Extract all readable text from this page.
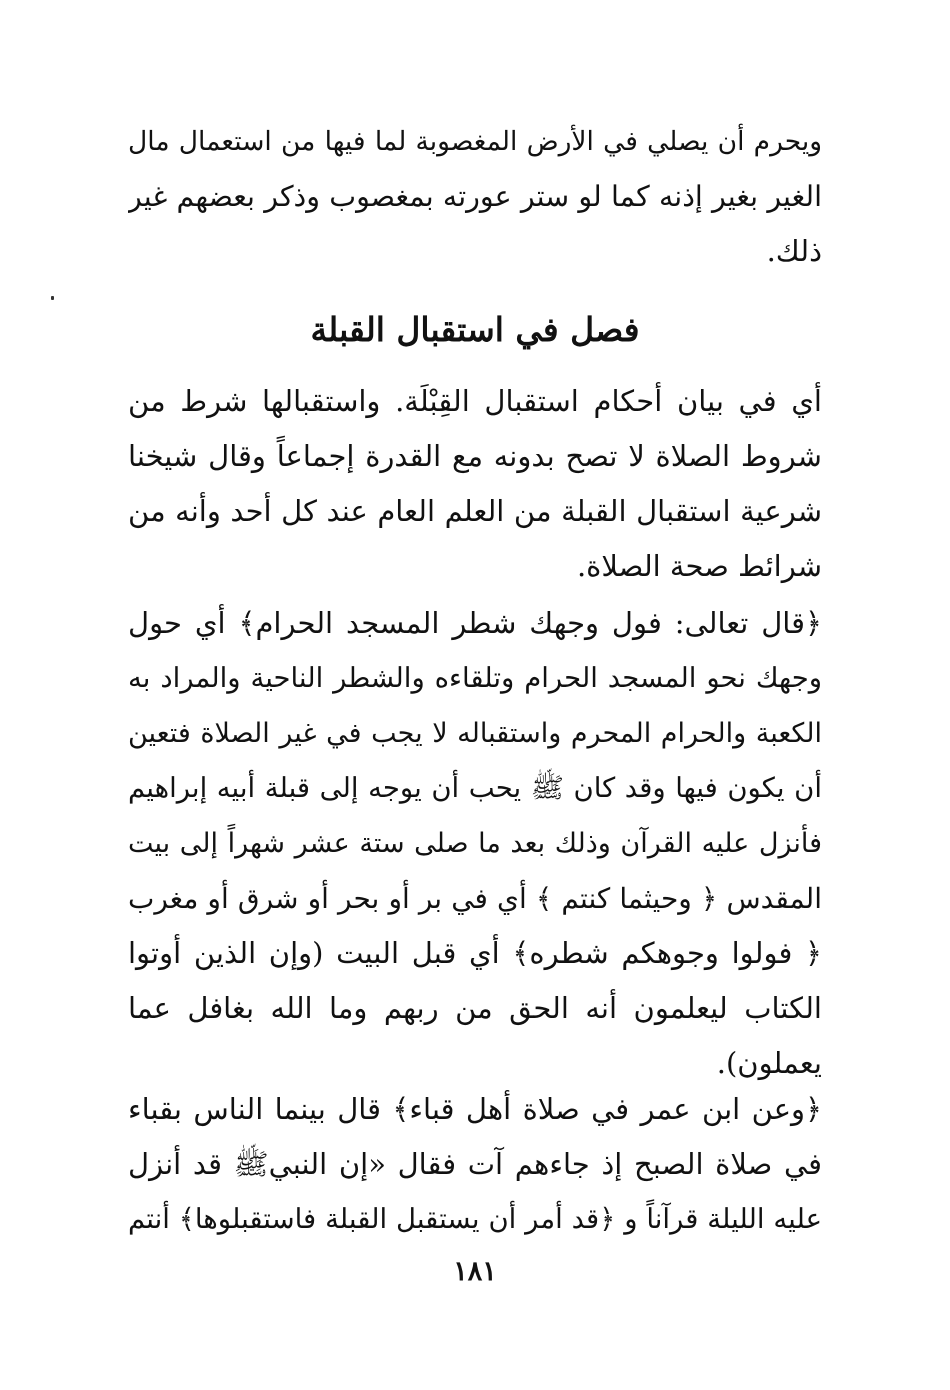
ويحرم أن يصلي في الأرض المغصوبة لما فيها من استعمال مال
الغير بغير إذنه كما لو ستر عورته بمغصوب وذكر بعضهم غير
ذلك.
فصل في استقبال القبلة
أي في بيان أحكام استقبال القِبْلَة. واستقبالها شرط من
شروط الصلاة لا تصح بدونه مع القدرة إجماعاً وقال شيخنا
شرعية استقبال القبلة من العلم العام عند كل أحد وأنه من
شرائط صحة الصلاة.
﴿قال تعالى: فول وجهك شطر المسجد الحرام﴾ أي حول
وجهك نحو المسجد الحرام وتلقاءه والشطر الناحية والمراد به
الكعبة والحرام المحرم واستقباله لا يجب في غير الصلاة فتعين
أن يكون فيها وقد كان ﷺ يحب أن يوجه إلى قبلة أبيه إبراهيم
فأنزل عليه القرآن وذلك بعد ما صلى ستة عشر شهراً إلى بيت
المقدس ﴿ وحيثما كنتم ﴾ أي في بر أو بحر أو شرق أو مغرب
﴿ فولوا وجوهكم شطره﴾ أي قبل البيت (وإن الذين أوتوا
الكتاب ليعلمون أنه الحق من ربهم وما الله بغافل عما
يعملون).
﴿وعن ابن عمر في صلاة أهل قباء﴾ قال بينما الناس بقباء
في صلاة الصبح إذ جاءهم آت فقال «إن النبيﷺ قد أنزل
عليه الليلة قرآناً و ﴿قد أمر أن يستقبل القبلة فاستقبلوها﴾ أنتم
١٨١
